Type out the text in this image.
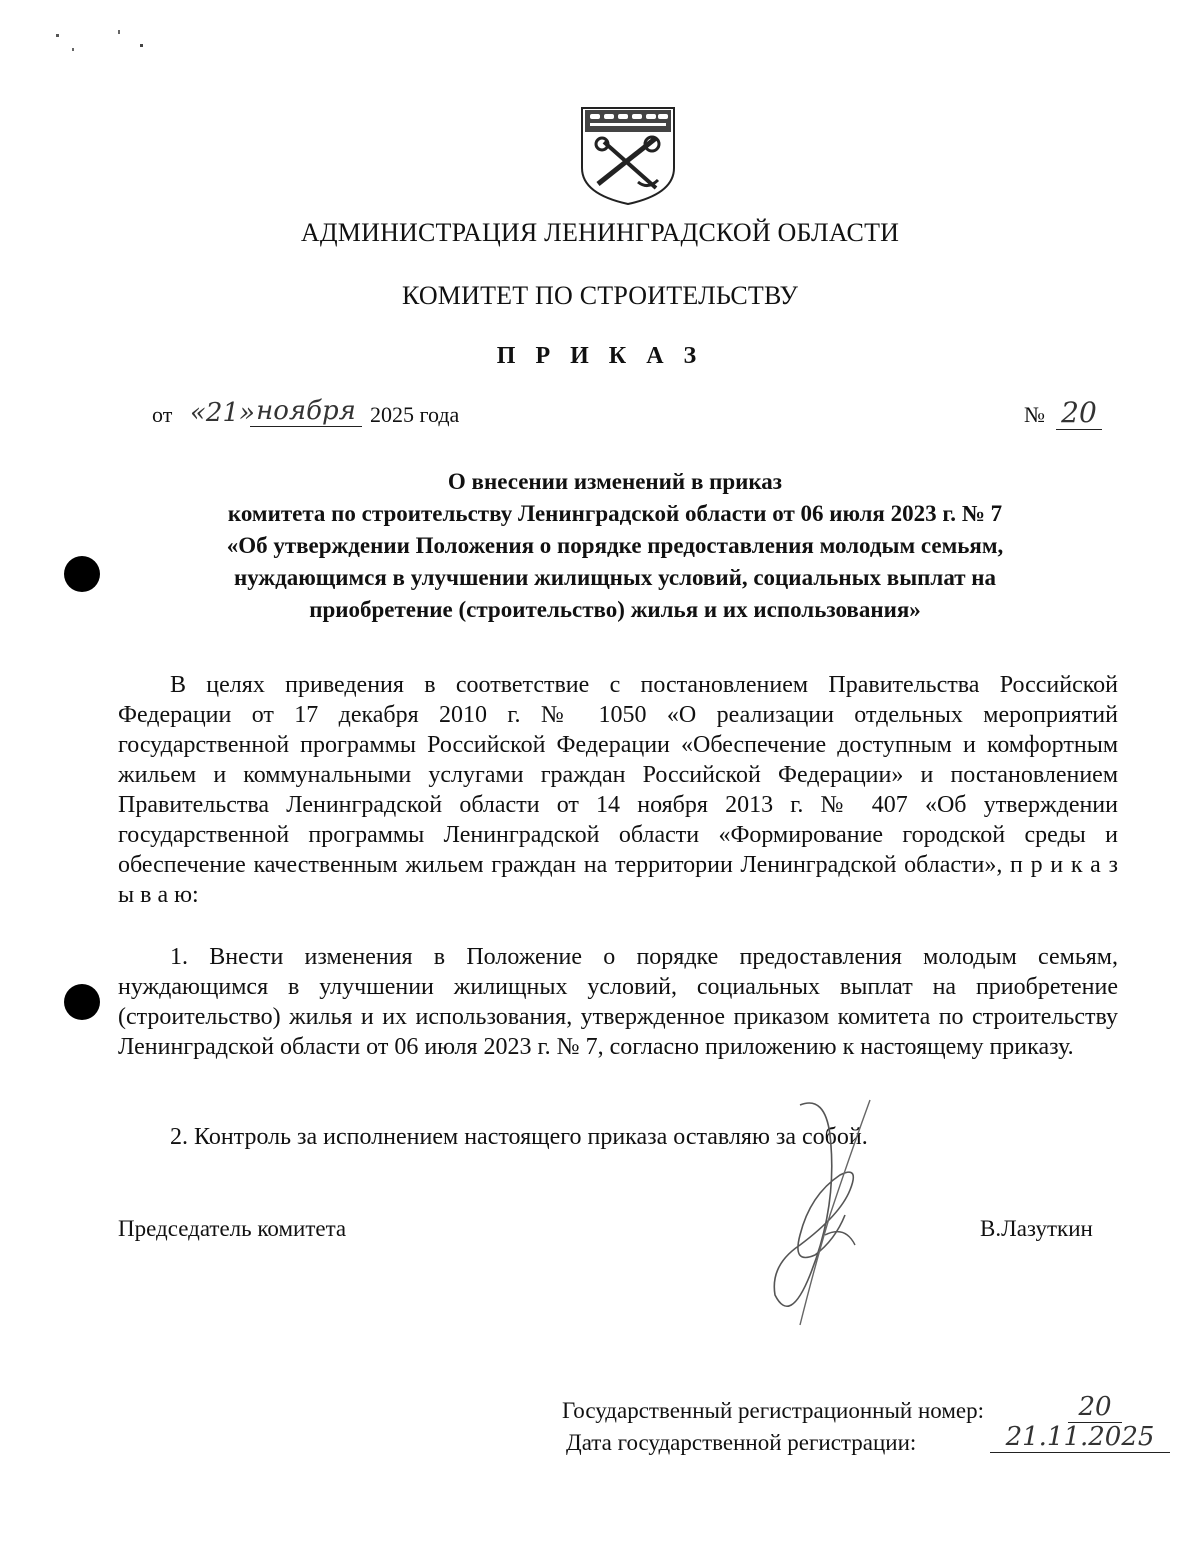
АДМИНИСТРАЦИЯ ЛЕНИНГРАДСКОЙ ОБЛАСТИ
КОМИТЕТ ПО СТРОИТЕЛЬСТВУ
П Р И К А З
от «21» ноября 2025 года	№ 20
О внесении изменений в приказ
комитета по строительству Ленинградской области от 06 июля 2023 г. № 7
«Об утверждении Положения о порядке предоставления молодым семьям,
нуждающимся в улучшении жилищных условий, социальных выплат на
приобретение (строительство) жилья и их использования»
В целях приведения в соответствие с постановлением Правительства Российской Федерации от 17 декабря 2010 г. № 1050 «О реализации отдельных мероприятий государственной программы Российской Федерации «Обеспечение доступным и комфортным жильем и коммунальными услугами граждан Российской Федерации» и постановлением Правительства Ленинградской области от 14 ноября 2013 г. № 407 «Об утверждении государственной программы Ленинградской области «Формирование городской среды и обеспечение качественным жильем граждан на территории Ленинградской области», п р и к а з ы в а ю:
1. Внести изменения в Положение о порядке предоставления молодым семьям, нуждающимся в улучшении жилищных условий, социальных выплат на приобретение (строительство) жилья и их использования, утвержденное приказом комитета по строительству Ленинградской области от 06 июля 2023 г. № 7, согласно приложению к настоящему приказу.
2. Контроль за исполнением настоящего приказа оставляю за собой.
Председатель комитета	В.Лазуткин
Государственный регистрационный номер:	20
Дата государственной регистрации:	21.11.2025
